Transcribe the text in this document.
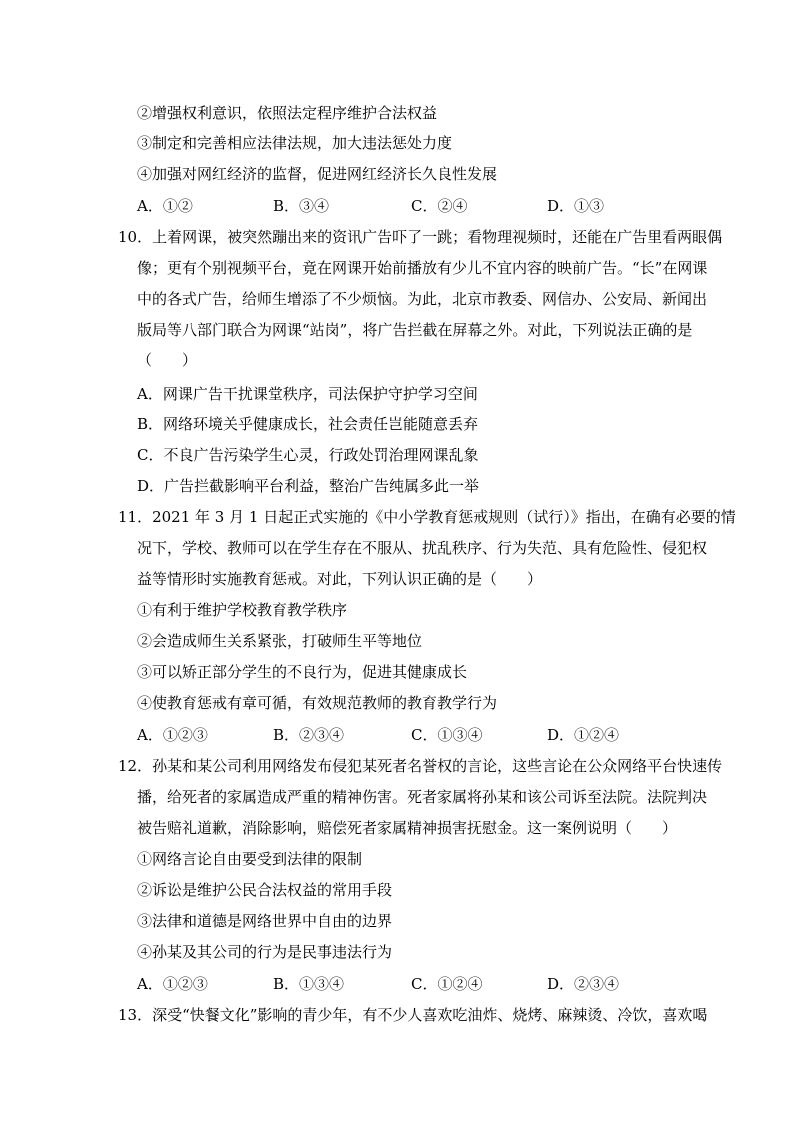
②增强权利意识，依照法定程序维护合法权益
③制定和完善相应法律法规，加大违法惩处力度
④加强对网红经济的监督，促进网红经济长久良性发展
A．①②	B．③④	C．②④	D．①③
10．上着网课，被突然蹦出来的资讯广告吓了一跳；看物理视频时，还能在广告里看两眼偶
像；更有个别视频平台，竟在网课开始前播放有少儿不宜内容的映前广告。“长”在网课
中的各式广告，给师生增添了不少烦恼。为此，北京市教委、网信办、公安局、新闻出
版局等八部门联合为网课“站岗”，将广告拦截在屏幕之外。对此，下列说法正确的是
（　　）
A．网课广告干扰课堂秩序，司法保护守护学习空间
B．网络环境关乎健康成长，社会责任岂能随意丢弃
C．不良广告污染学生心灵，行政处罚治理网课乱象
D．广告拦截影响平台利益，整治广告纯属多此一举
11．2021 年 3 月 1 日起正式实施的《中小学教育惩戒规则（试行）》指出，在确有必要的情
况下，学校、教师可以在学生存在不服从、扰乱秩序、行为失范、具有危险性、侵犯权
益等情形时实施教育惩戒。对此，下列认识正确的是（　　）
①有利于维护学校教育教学秩序
②会造成师生关系紧张，打破师生平等地位
③可以矫正部分学生的不良行为，促进其健康成长
④使教育惩戒有章可循，有效规范教师的教育教学行为
A．①②③	B．②③④	C．①③④	D．①②④
12．孙某和某公司利用网络发布侵犯某死者名誉权的言论，这些言论在公众网络平台快速传
播，给死者的家属造成严重的精神伤害。死者家属将孙某和该公司诉至法院。法院判决
被告赔礼道歉，消除影响，赔偿死者家属精神损害抚慰金。这一案例说明（　　）
①网络言论自由要受到法律的限制
②诉讼是维护公民合法权益的常用手段
③法律和道德是网络世界中自由的边界
④孙某及其公司的行为是民事违法行为
A．①②③	B．①③④	C．①②④	D．②③④
13．深受“快餐文化”影响的青少年，有不少人喜欢吃油炸、烧烤、麻辣烫、冷饮，喜欢喝
